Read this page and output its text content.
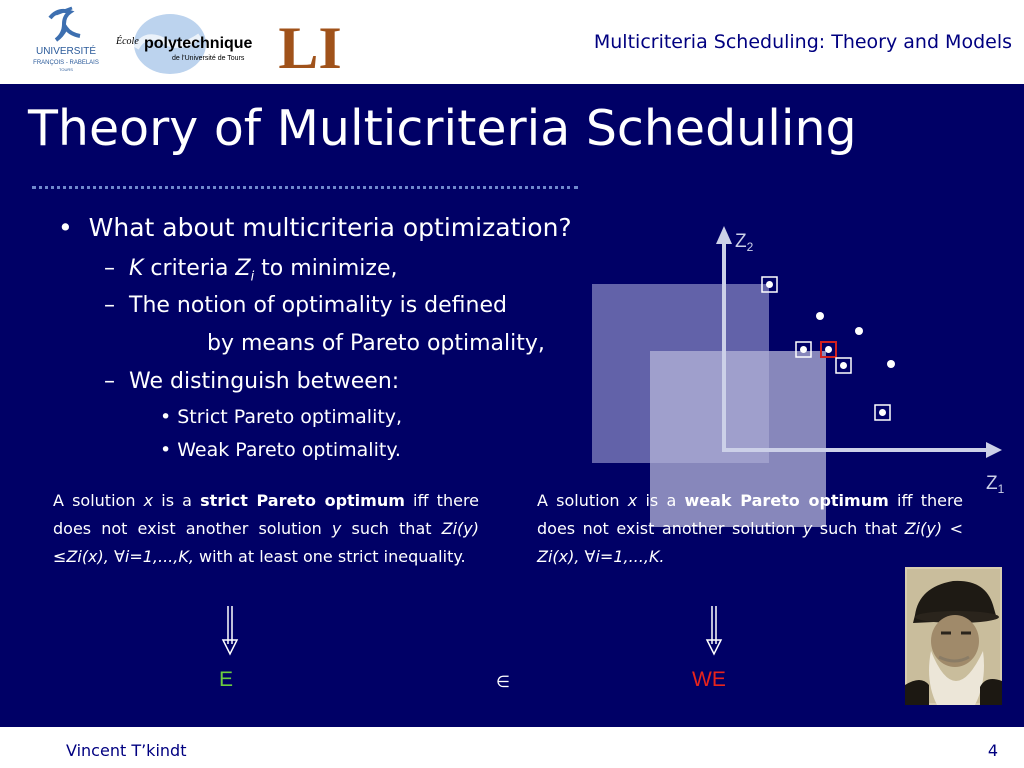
UNIVERSITÉ
FRANÇOIS - RABELAIS
TOURS
École polytechnique
de l'Université de Tours LI	Multicriteria Scheduling: Theory and Models
Theory of Multicriteria Scheduling
$Z_2$
$Z_1$
•  What about multicriteria optimization?
–  K criteria $Z_i$ to minimize,
–  The notion of optimality is defined
by means of Pareto optimality,
–  We distinguish between:
• Strict Pareto optimality,
• Weak Pareto optimality.
A solution x is a strict Pareto optimum iff there does not exist another solution y such that Zi(y) ≤Zi(x), ∀i=1,...,K, with at least one strict inequality.
A solution x is a weak Pareto optimum iff there does not exist another solution y such that Zi(y) < Zi(x), ∀i=1,...,K.
E	∈	WE
Vincent T’kindt	4
